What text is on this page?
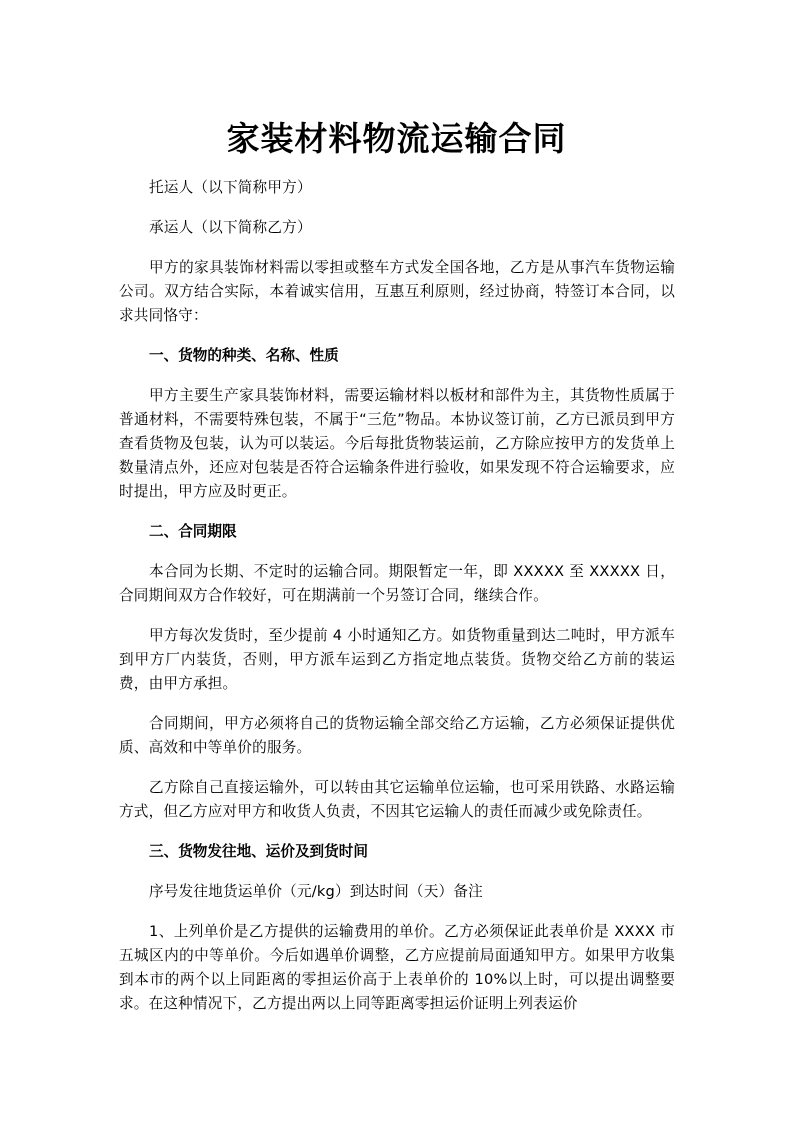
家装材料物流运输合同

托运人（以下简称甲方）

承运人（以下简称乙方）

甲方的家具装饰材料需以零担或整车方式发全国各地，乙方是从事汽车货物运输公司。双方结合实际，本着诚实信用，互惠互利原则，经过协商，特签订本合同，以求共同恪守：

一、货物的种类、名称、性质

甲方主要生产家具装饰材料，需要运输材料以板材和部件为主，其货物性质属于普通材料，不需要特殊包装，不属于“三危”物品。本协议签订前，乙方已派员到甲方查看货物及包装，认为可以装运。今后每批货物装运前，乙方除应按甲方的发货单上数量清点外，还应对包装是否符合运输条件进行验收，如果发现不符合运输要求，应时提出，甲方应及时更正。

二、合同期限

本合同为长期、不定时的运输合同。期限暂定一年，即 XXXXX 至 XXXXX 日，合同期间双方合作较好，可在期满前一个另签订合同，继续合作。

甲方每次发货时，至少提前 4 小时通知乙方。如货物重量到达二吨时，甲方派车到甲方厂内装货，否则，甲方派车运到乙方指定地点装货。货物交给乙方前的装运费，由甲方承担。

合同期间，甲方必须将自己的货物运输全部交给乙方运输，乙方必须保证提供优质、高效和中等单价的服务。

乙方除自己直接运输外，可以转由其它运输单位运输，也可采用铁路、水路运输方式，但乙方应对甲方和收货人负责，不因其它运输人的责任而减少或免除责任。

三、货物发往地、运价及到货时间

序号发往地货运单价（元/kg）到达时间（天）备注

1、上列单价是乙方提供的运输费用的单价。乙方必须保证此表单价是 XXXX 市五城区内的中等单价。今后如遇单价调整，乙方应提前局面通知甲方。如果甲方收集到本市的两个以上同距离的零担运价高于上表单价的 10%以上时，可以提出调整要求。在这种情况下，乙方提出两以上同等距离零担运价证明上列表运价
